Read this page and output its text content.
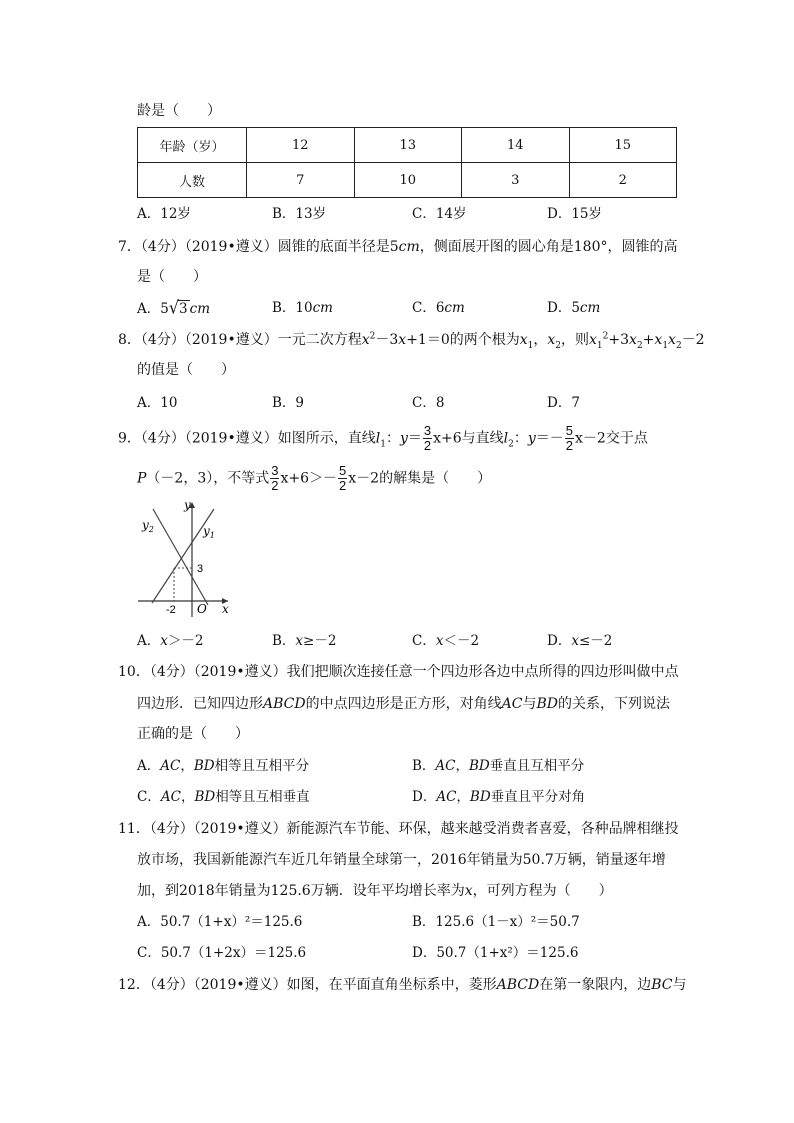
龄是（　　）
年龄（岁）	12	13	14	15
人数	7	10	3	2
A．12岁	B．13岁	C．14岁	D．15岁
7．（4分）（2019•遵义）圆锥的底面半径是5cm，侧面展开图的圆心角是180°，圆锥的高
是（　　）
A．5√3 cm	B．10cm	C．6cm	D．5cm
8．（4分）（2019•遵义）一元二次方程$x^2-3x+1=0$的两个根为$x_1$，$x_2$，则$x_1^2+3x_2+x_1x_2-2$
的值是（　　）
A．10	B．9	C．8	D．7
9．（4分）（2019•遵义）如图所示，直线$l_1$：$y= \frac{3}{2} x+6$与直线$l_2$：$y=- \frac{5}{2} x-2$交于点
P（－2，3），不等式 $\frac{3}{2} x+6>- \frac{5}{2} x-2$的解集是（　　）
y
x
O
$y_1$
$y_2$
3
-2
A．x＞－2	B．x≥－2	C．x＜－2	D．x≤－2
10．（4分）（2019•遵义）我们把顺次连接任意一个四边形各边中点所得的四边形叫做中点
四边形．已知四边形ABCD的中点四边形是正方形，对角线AC与BD的关系，下列说法
正确的是（　　）
A．AC，BD相等且互相平分	B．AC，BD垂直且互相平分
C．AC，BD相等且互相垂直	D．AC，BD垂直且平分对角
11．（4分）（2019•遵义）新能源汽车节能、环保，越来越受消费者喜爱，各种品牌相继投
放市场，我国新能源汽车近几年销量全球第一，2016年销量为50.7万辆，销量逐年增
加，到2018年销量为125.6万辆．设年平均增长率为x，可列方程为（　　）
A．50.7（1+x）²＝125.6	B．125.6（1－x）²＝50.7
C．50.7（1+2x）＝125.6	D．50.7（1+x²）＝125.6
12．（4分）（2019•遵义）如图，在平面直角坐标系中，菱形ABCD在第一象限内，边BC与
